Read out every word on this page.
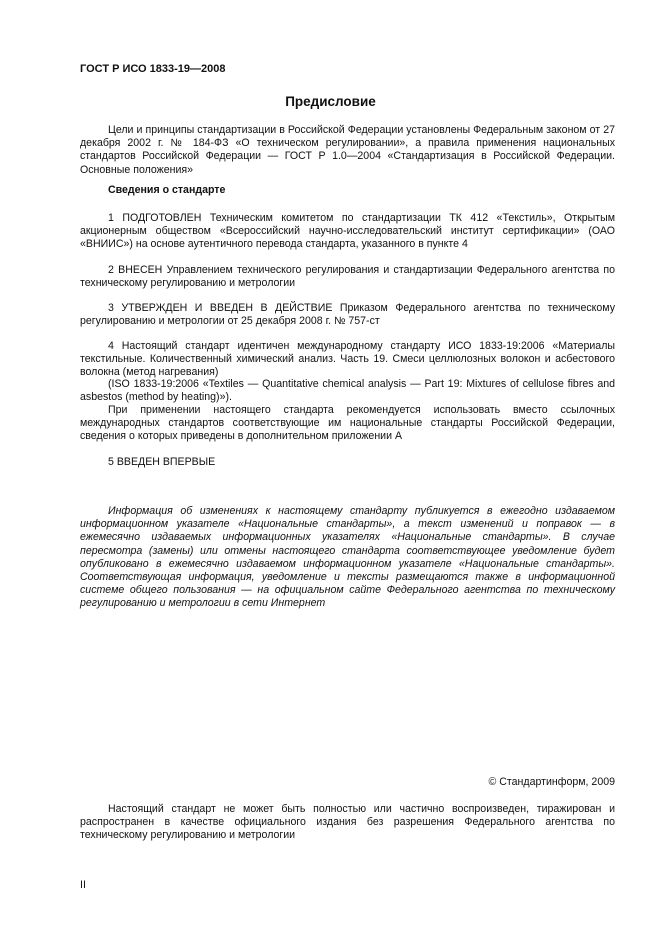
ГОСТ Р ИСО 1833-19—2008
Предисловие

Цели и принципы стандартизации в Российской Федерации установлены Федеральным законом от 27 декабря 2002 г. № 184-ФЗ «О техническом регулировании», а правила применения национальных стандартов Российской Федерации — ГОСТ Р 1.0—2004 «Стандартизация в Российской Федерации. Основные положения»

Сведения о стандарте

1 ПОДГОТОВЛЕН Техническим комитетом по стандартизации ТК 412 «Текстиль», Открытым акционерным обществом «Всероссийский научно-исследовательский институт сертификации» (ОАО «ВНИИС») на основе аутентичного перевода стандарта, указанного в пункте 4

2 ВНЕСЕН Управлением технического регулирования и стандартизации Федерального агентства по техническому регулированию и метрологии

3 УТВЕРЖДЕН И ВВЕДЕН В ДЕЙСТВИЕ Приказом Федерального агентства по техническому регулированию и метрологии от 25 декабря 2008 г. № 757-ст

4 Настоящий стандарт идентичен международному стандарту ИСО 1833-19:2006 «Материалы текстильные. Количественный химический анализ. Часть 19. Смеси целлюлозных волокон и асбестового волокна (метод нагревания)

(ISO 1833-19:2006 «Textiles — Quantitative chemical analysis — Part 19: Mixtures of cellulose fibres and asbestos (method by heating)»).

При применении настоящего стандарта рекомендуется использовать вместо ссылочных международных стандартов соответствующие им национальные стандарты Российской Федерации, сведения о которых приведены в дополнительном приложении А

5 ВВЕДЕН ВПЕРВЫЕ

Информация об изменениях к настоящему стандарту публикуется в ежегодно издаваемом информационном указателе «Национальные стандарты», а текст изменений и поправок — в ежемесячно издаваемых информационных указателях «Национальные стандарты». В случае пересмотра (замены) или отмены настоящего стандарта соответствующее уведомление будет опубликовано в ежемесячно издаваемом информационном указателе «Национальные стандарты». Соответствующая информация, уведомление и тексты размещаются также в информационной системе общего пользования — на официальном сайте Федерального агентства по техническому регулированию и метрологии в сети Интернет

© Стандартинформ, 2009

Настоящий стандарт не может быть полностью или частично воспроизведен, тиражирован и распространен в качестве официального издания без разрешения Федерального агентства по техническому регулированию и метрологии

II
